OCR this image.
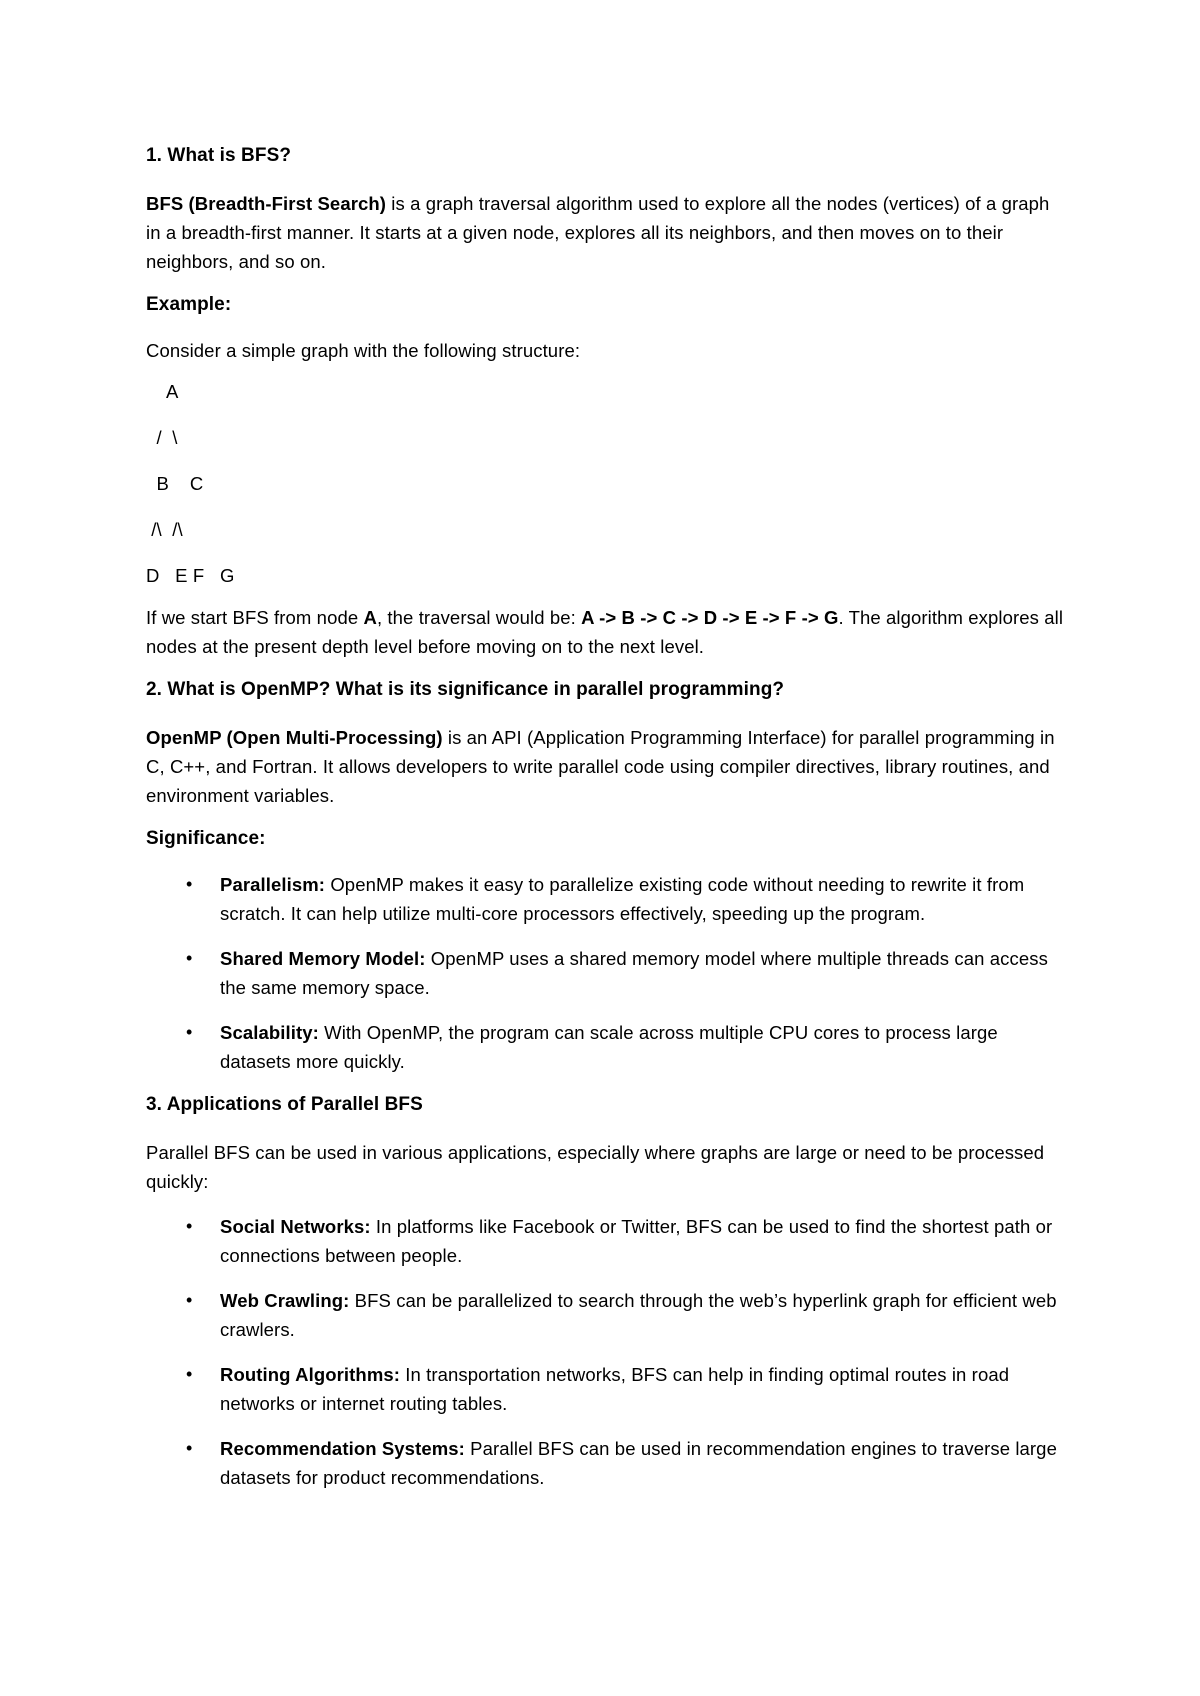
1. What is BFS?

BFS (Breadth-First Search) is a graph traversal algorithm used to explore all the nodes (vertices) of a graph in a breadth-first manner. It starts at a given node, explores all its neighbors, and then moves on to their neighbors, and so on.

Example:

Consider a simple graph with the following structure:

A
/  \
B    C
/\  /\
D   E F   G

If we start BFS from node A, the traversal would be: A -> B -> C -> D -> E -> F -> G. The algorithm explores all nodes at the present depth level before moving on to the next level.

2. What is OpenMP? What is its significance in parallel programming?

OpenMP (Open Multi-Processing) is an API (Application Programming Interface) for parallel programming in C, C++, and Fortran. It allows developers to write parallel code using compiler directives, library routines, and environment variables.

Significance:
• Parallelism: OpenMP makes it easy to parallelize existing code without needing to rewrite it from scratch. It can help utilize multi-core processors effectively, speeding up the program.
• Shared Memory Model: OpenMP uses a shared memory model where multiple threads can access the same memory space.
• Scalability: With OpenMP, the program can scale across multiple CPU cores to process large datasets more quickly.
3. Applications of Parallel BFS

Parallel BFS can be used in various applications, especially where graphs are large or need to be processed quickly:

• Social Networks: In platforms like Facebook or Twitter, BFS can be used to find the shortest path or connections between people.
• Web Crawling: BFS can be parallelized to search through the web’s hyperlink graph for efficient web crawlers.
• Routing Algorithms: In transportation networks, BFS can help in finding optimal routes in road networks or internet routing tables.
• Recommendation Systems: Parallel BFS can be used in recommendation engines to traverse large datasets for product recommendations.
